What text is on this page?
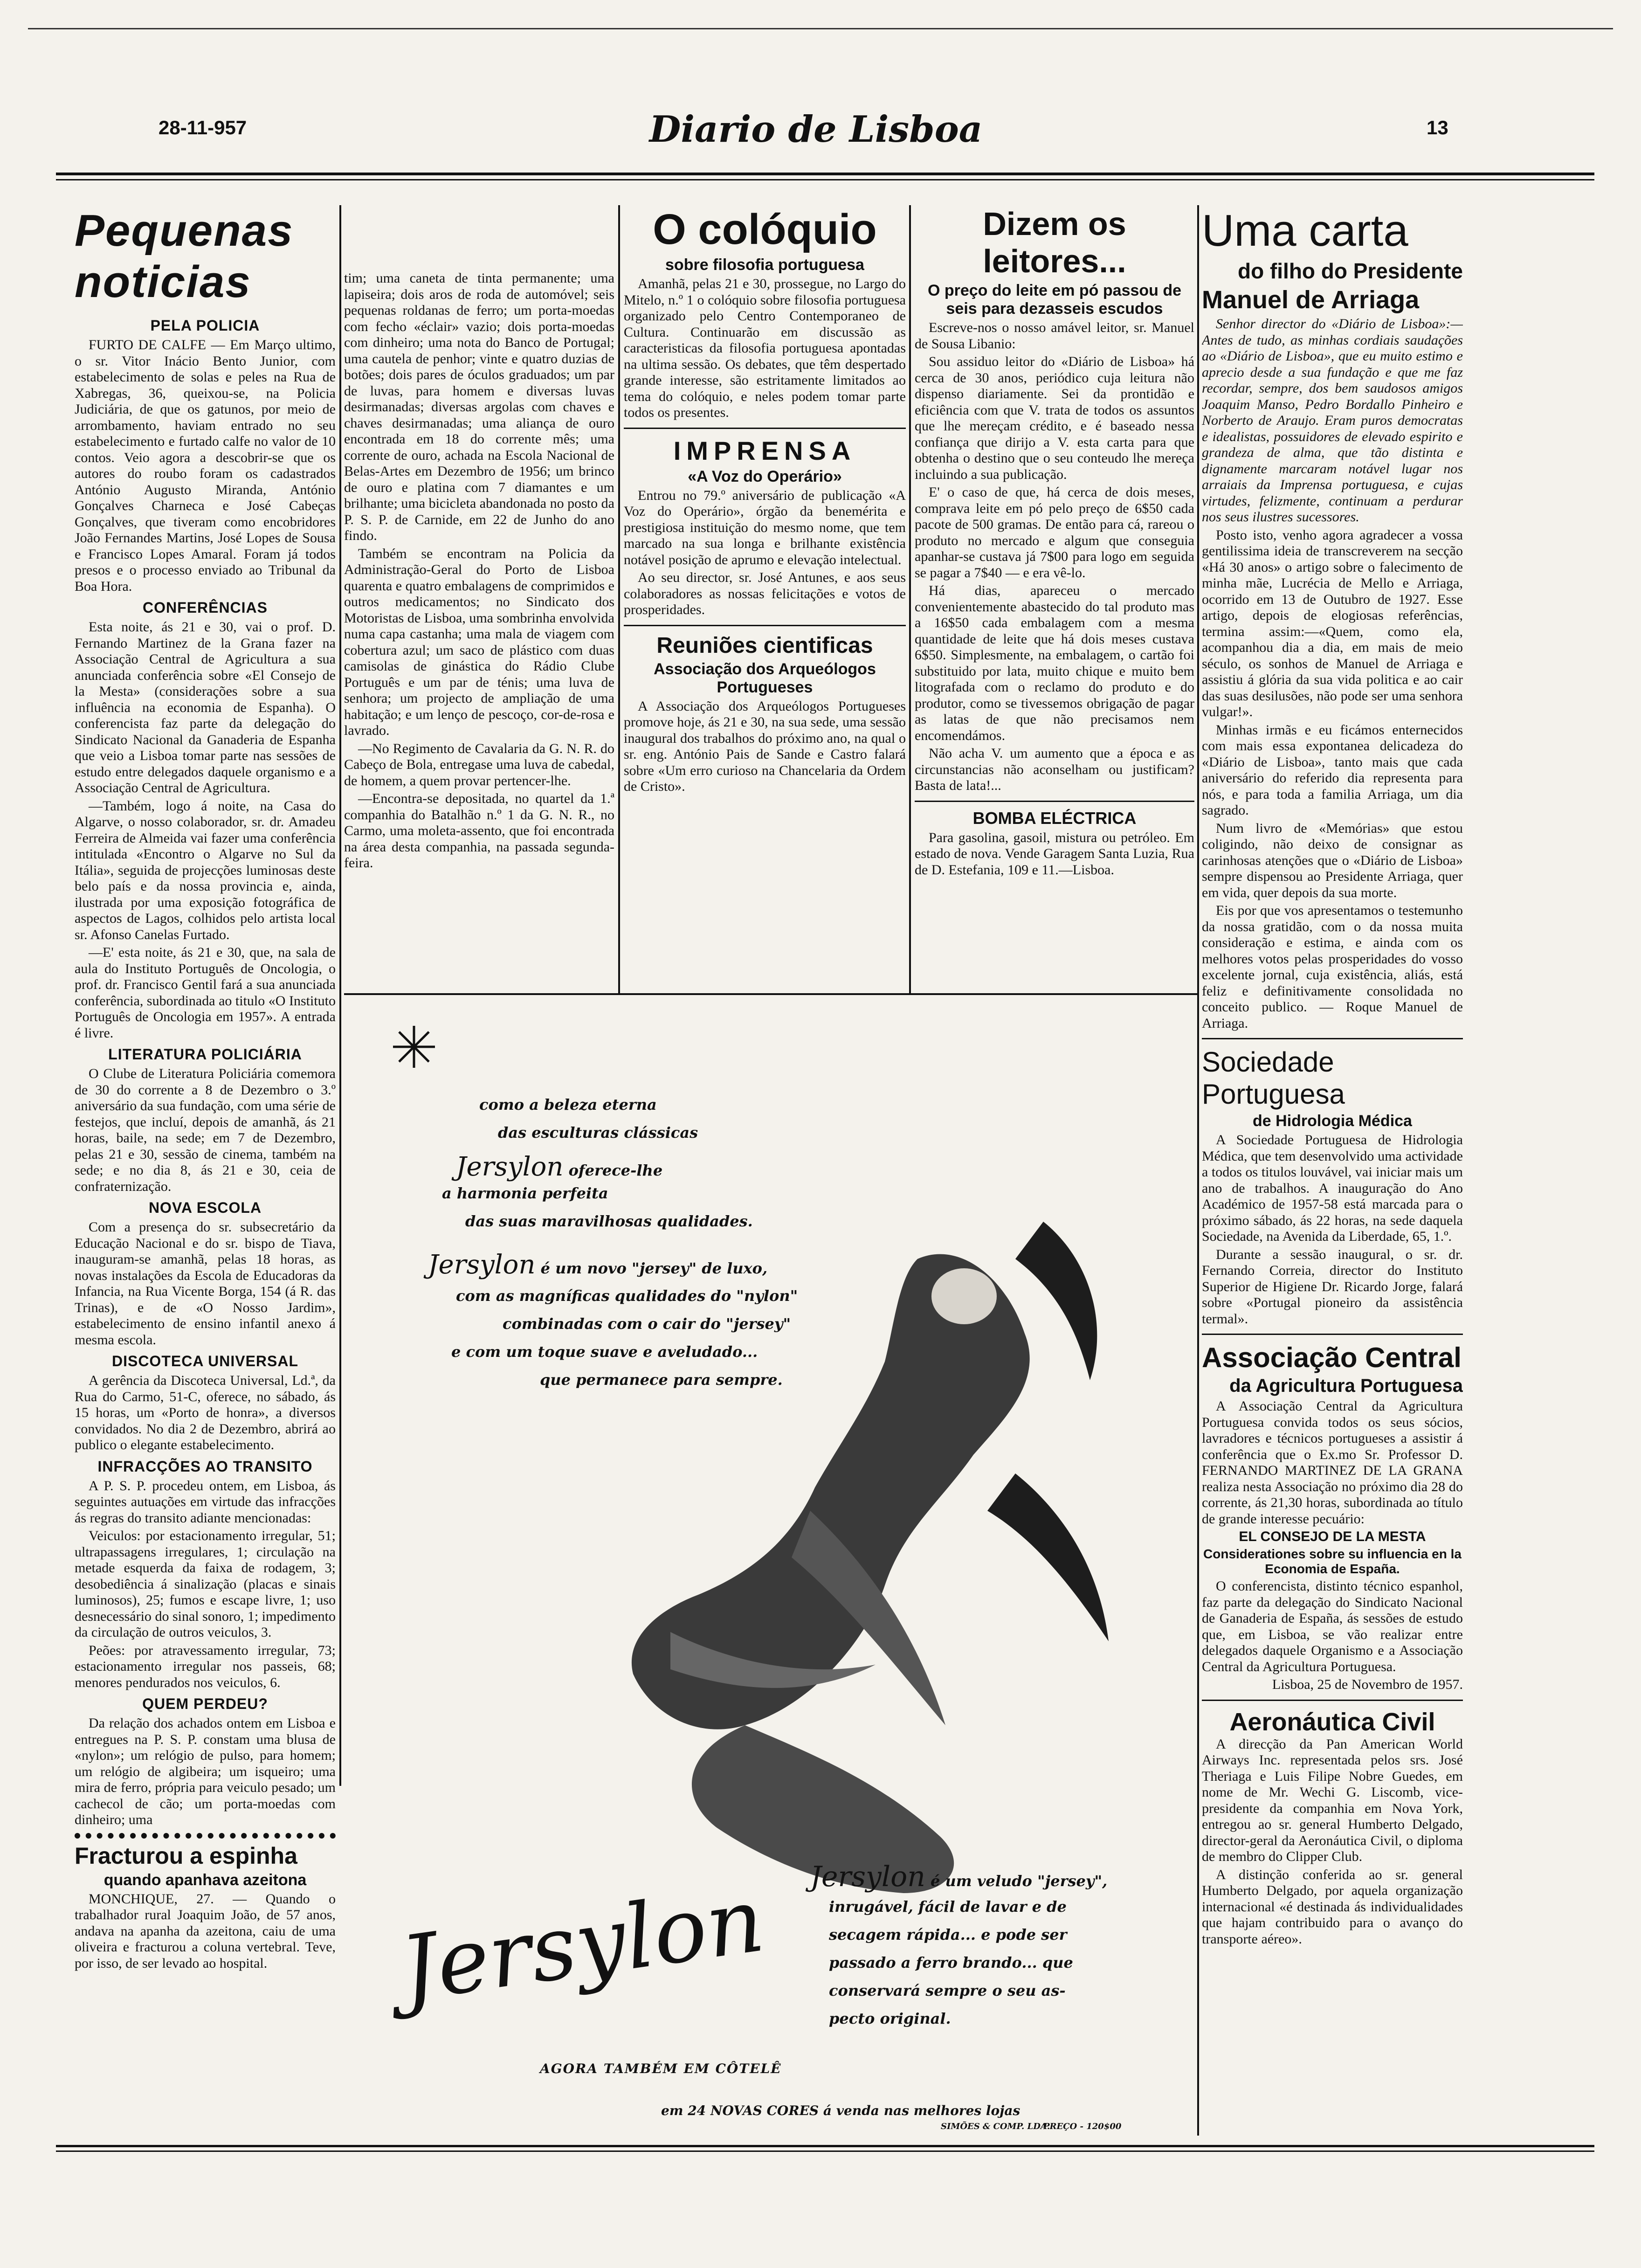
28-11-957	Diario de Lisboa	13
Pequenas noticias
PELA POLICIA

FURTO DE CALFE — Em Março ultimo, o sr. Vitor Inácio Bento Junior, com estabelecimento de solas e peles na Rua de Xabregas, 36, queixou-se, na Policia Judiciária, de que os gatunos, por meio de arrombamento, haviam entrado no seu estabelecimento e furtado calfe no valor de 10 contos. Veio agora a descobrir-se que os autores do roubo foram os cadastrados António Augusto Miranda, António Gonçalves Charneca e José Cabeças Gonçalves, que tiveram como encobridores João Fernandes Martins, José Lopes de Sousa e Francisco Lopes Amaral. Foram já todos presos e o processo enviado ao Tribunal da Boa Hora.

CONFERÊNCIAS

Esta noite, ás 21 e 30, vai o prof. D. Fernando Martinez de la Grana fazer na Associação Central de Agricultura a sua anunciada conferência sobre «El Consejo de la Mesta» (considerações sobre a sua influência na economia de Espanha). O conferencista faz parte da delegação do Sindicato Nacional da Ganaderia de Espanha que veio a Lisboa tomar parte nas sessões de estudo entre delegados daquele organismo e a Associação Central de Agricultura.

—Também, logo á noite, na Casa do Algarve, o nosso colaborador, sr. dr. Amadeu Ferreira de Almeida vai fazer uma conferência intitulada «Encontro o Algarve no Sul da Itália», seguida de projecções luminosas deste belo país e da nossa provincia e, ainda, ilustrada por uma exposição fotográfica de aspectos de Lagos, colhidos pelo artista local sr. Afonso Canelas Furtado.

—E' esta noite, ás 21 e 30, que, na sala de aula do Instituto Português de Oncologia, o prof. dr. Francisco Gentil fará a sua anunciada conferência, subordinada ao titulo «O Instituto Português de Oncologia em 1957». A entrada é livre.

LITERATURA POLICIÁRIA

O Clube de Literatura Policiária comemora de 30 do corrente a 8 de Dezembro o 3.º aniversário da sua fundação, com uma série de festejos, que incluí, depois de amanhã, ás 21 horas, baile, na sede; em 7 de Dezembro, pelas 21 e 30, sessão de cinema, também na sede; e no dia 8, ás 21 e 30, ceia de confraternização.

NOVA ESCOLA

Com a presença do sr. subsecretário da Educação Nacional e do sr. bispo de Tiava, inauguram-se amanhã, pelas 18 horas, as novas instalações da Escola de Educadoras da Infancia, na Rua Vicente Borga, 154 (á R. das Trinas), e de «O Nosso Jardim», estabelecimento de ensino infantil anexo á mesma escola.

DISCOTECA UNIVERSAL

A gerência da Discoteca Universal, Ld.ª, da Rua do Carmo, 51-C, oferece, no sábado, ás 15 horas, um «Porto de honra», a diversos convidados. No dia 2 de Dezembro, abrirá ao publico o elegante estabelecimento.

INFRACÇÕES AO TRANSITO

A P. S. P. procedeu ontem, em Lisboa, ás seguintes autuações em virtude das infracções ás regras do transito adiante mencionadas:

Veiculos: por estacionamento irregular, 51; ultrapassagens irregulares, 1; circulação na metade esquerda da faixa de rodagem, 3; desobediência á sinalização (placas e sinais luminosos), 25; fumos e escape livre, 1; uso desnecessário do sinal sonoro, 1; impedimento da circulação de outros veiculos, 3.

Peões: por atravessamento irregular, 73; estacionamento irregular nos passeis, 68; menores pendurados nos veiculos, 6.

QUEM PERDEU?

Da relação dos achados ontem em Lisboa e entregues na P. S. P. constam uma blusa de «nylon»; um relógio de pulso, para homem; um relógio de algibeira; um isqueiro; uma mira de ferro, própria para veiculo pesado; um cachecol de cão; um porta-moedas com dinheiro; uma

Fracturou a espinha
quando apanhava azeitona

MONCHIQUE, 27. — Quando o trabalhador rural Joaquim João, de 57 anos, andava na apanha da azeitona, caiu de uma oliveira e fracturou a coluna vertebral. Teve, por isso, de ser levado ao hospital.

tim; uma caneta de tinta permanente; uma lapiseira; dois aros de roda de automóvel; seis pequenas roldanas de ferro; um porta-moedas com fecho «éclair» vazio; dois porta-moedas com dinheiro; uma nota do Banco de Portugal; uma cautela de penhor; vinte e quatro duzias de botões; dois pares de óculos graduados; um par de luvas, para homem e diversas luvas desirmanadas; diversas argolas com chaves e chaves desirmanadas; uma aliança de ouro encontrada em 18 do corrente mês; uma corrente de ouro, achada na Escola Nacional de Belas-Artes em Dezembro de 1956; um brinco de ouro e platina com 7 diamantes e um brilhante; uma bicicleta abandonada no posto da P. S. P. de Carnide, em 22 de Junho do ano findo.

Também se encontram na Policia da Administração-Geral do Porto de Lisboa quarenta e quatro embalagens de comprimidos e outros medicamentos; no Sindicato dos Motoristas de Lisboa, uma sombrinha envolvida numa capa castanha; uma mala de viagem com cobertura azul; um saco de plástico com duas camisolas de ginástica do Rádio Clube Português e um par de ténis; uma luva de senhora; um projecto de ampliação de uma habitação; e um lenço de pescoço, cor-de-rosa e lavrado.

—No Regimento de Cavalaria da G. N. R. do Cabeço de Bola, entregase uma luva de cabedal, de homem, a quem provar pertencer-lhe.

—Encontra-se depositada, no quartel da 1.ª companhia do Batalhão n.º 1 da G. N. R., no Carmo, uma moleta-assento, que foi encontrada na área desta companhia, na passada segunda-feira.

O colóquio
sobre filosofia portuguesa

Amanhã, pelas 21 e 30, prossegue, no Largo do Mitelo, n.º 1 o colóquio sobre filosofia portuguesa organizado pelo Centro Contemporaneo de Cultura. Continuarão em discussão as caracteristicas da filosofia portuguesa apontadas na ultima sessão. Os debates, que têm despertado grande interesse, são estritamente limitados ao tema do colóquio, e neles podem tomar parte todos os presentes.

IMPRENSA
«A Voz do Operário»

Entrou no 79.º aniversário de publicação «A Voz do Operário», órgão da benemérita e prestigiosa instituição do mesmo nome, que tem marcado na sua longa e brilhante existência notável posição de aprumo e elevação intelectual.

Ao seu director, sr. José Antunes, e aos seus colaboradores as nossas felicitações e votos de prosperidades.

Reuniões cientificas
Associação dos Arqueólogos Portugueses

A Associação dos Arqueólogos Portugueses promove hoje, ás 21 e 30, na sua sede, uma sessão inaugural dos trabalhos do próximo ano, na qual o sr. eng. António Pais de Sande e Castro falará sobre «Um erro curioso na Chancelaria da Ordem de Cristo».

Dizem os leitores...
O preço do leite em pó passou de seis para dezasseis escudos

Escreve-nos o nosso amável leitor, sr. Manuel de Sousa Libanio:

Sou assiduo leitor do «Diário de Lisboa» há cerca de 30 anos, periódico cuja leitura não dispenso diariamente. Sei da prontidão e eficiência com que V. trata de todos os assuntos que lhe mereçam crédito, e é baseado nessa confiança que dirijo a V. esta carta para que obtenha o destino que o seu conteudo lhe mereça incluindo a sua publicação.

E' o caso de que, há cerca de dois meses, comprava leite em pó pelo preço de 6$50 cada pacote de 500 gramas. De então para cá, rareou o produto no mercado e algum que conseguia apanhar-se custava já 7$00 para logo em seguida se pagar a 7$40 — e era vê-lo.

Há dias, apareceu o mercado convenientemente abastecido do tal produto mas a 16$50 cada embalagem com a mesma quantidade de leite que há dois meses custava 6$50. Simplesmente, na embalagem, o cartão foi substituido por lata, muito chique e muito bem litografada com o reclamo do produto e do produtor, como se tivessemos obrigação de pagar as latas de que não precisamos nem encomendámos.

Não acha V. um aumento que a época e as circunstancias não aconselham ou justificam? Basta de lata!...

BOMBA ELÉCTRICA

Para gasolina, gasoil, mistura ou petróleo. Em estado de nova. Vende Garagem Santa Luzia, Rua de D. Estefania, 109 e 11.—Lisboa.

Uma carta
do filho do Presidente
Manuel de Arriaga

Senhor director do «Diário de Lisboa»:—Antes de tudo, as minhas cordiais saudações ao «Diário de Lisboa», que eu muito estimo e aprecio desde a sua fundação e que me faz recordar, sempre, dos bem saudosos amigos Joaquim Manso, Pedro Bordallo Pinheiro e Norberto de Araujo. Eram puros democratas e idealistas, possuidores de elevado espirito e grandeza de alma, que tão distinta e dignamente marcaram notável lugar nos arraiais da Imprensa portuguesa, e cujas virtudes, felizmente, continuam a perdurar nos seus ilustres sucessores.

Posto isto, venho agora agradecer a vossa gentilissima ideia de transcreverem na secção «Há 30 anos» o artigo sobre o falecimento de minha mãe, Lucrécia de Mello e Arriaga, ocorrido em 13 de Outubro de 1927. Esse artigo, depois de elogiosas referências, termina assim:—«Quem, como ela, acompanhou dia a dia, em mais de meio século, os sonhos de Manuel de Arriaga e assistiu á glória da sua vida politica e ao cair das suas desilusões, não pode ser uma senhora vulgar!».

Minhas irmãs e eu ficámos enternecidos com mais essa expontanea delicadeza do «Diário de Lisboa», tanto mais que cada aniversário do referido dia representa para nós, e para toda a familia Arriaga, um dia sagrado.

Num livro de «Memórias» que estou coligindo, não deixo de consignar as carinhosas atenções que o «Diário de Lisboa» sempre dispensou ao Presidente Arriaga, quer em vida, quer depois da sua morte.

Eis por que vos apresentamos o testemunho da nossa gratidão, com o da nossa muita consideração e estima, e ainda com os melhores votos pelas prosperidades do vosso excelente jornal, cuja existência, aliás, está feliz e definitivamente consolidada no conceito publico. — Roque Manuel de Arriaga.

Sociedade Portuguesa
de Hidrologia Médica

A Sociedade Portuguesa de Hidrologia Médica, que tem desenvolvido uma actividade a todos os titulos louvável, vai iniciar mais um ano de trabalhos. A inauguração do Ano Académico de 1957-58 está marcada para o próximo sábado, ás 22 horas, na sede daquela Sociedade, na Avenida da Liberdade, 65, 1.º.

Durante a sessão inaugural, o sr. dr. Fernando Correia, director do Instituto Superior de Higiene Dr. Ricardo Jorge, falará sobre «Portugal pioneiro da assistência termal».

Associação Central
da Agricultura Portuguesa

A Associação Central da Agricultura Portuguesa convida todos os seus sócios, lavradores e técnicos portugueses a assistir á conferência que o Ex.mo Sr. Professor D. FERNANDO MARTINEZ DE LA GRANA realiza nesta Associação no próximo dia 28 do corrente, ás 21,30 horas, subordinada ao título de grande interesse pecuário:

EL CONSEJO DE LA MESTA
Considerationes sobre su influencia en la Economia de España.

O conferencista, distinto técnico espanhol, faz parte da delegação do Sindicato Nacional de Ganaderia de España, ás sessões de estudo que, em Lisboa, se vão realizar entre delegados daquele Organismo e a Associação Central da Agricultura Portuguesa.

Lisboa, 25 de Novembro de 1957.

Aeronáutica Civil

A direcção da Pan American World Airways Inc. representada pelos srs. José Theriaga e Luis Filipe Nobre Guedes, em nome de Mr. Wechi G. Liscomb, vice-presidente da companhia em Nova York, entregou ao sr. general Humberto Delgado, director-geral da Aeronáutica Civil, o diploma de membro do Clipper Club.

A distinção conferida ao sr. general Humberto Delgado, por aquela organização internacional «é destinada ás individualidades que hajam contribuido para o avanço do transporte aéreo».

como a beleza eterna
das esculturas clássicas
Jersylon oferece-lhe
a harmonia perfeita
das suas maravilhosas qualidades.
Jersylon é um novo "jersey" de luxo,
com as magníficas qualidades do "nylon"
combinadas com o cair do "jersey"
e com um toque suave e aveludado...
que permanece para sempre.
Jersylon Jersylon é um veludo "jersey",
inrugável, fácil de lavar e de
secagem rápida... e pode ser
passado a ferro brando... que
conservará sempre o seu as-
pecto original.
AGORA TAMBÉM EM CÔTELÊ
em 24 NOVAS CORES á venda nas melhores lojas
SIMÕES & COMP. LDA.
PREÇO - 120$00
